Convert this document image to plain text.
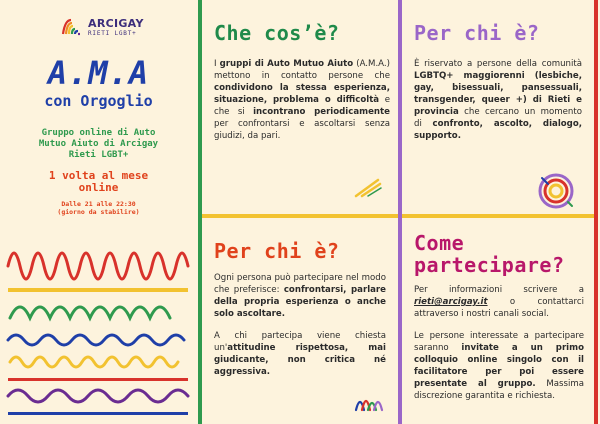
ARCIGAY
RIETI LGBT+
A.M.A
con Orgoglio
Gruppo online di Auto
Mutuo Aiuto di Arcigay
Rieti LGBT+
1 volta al mese
online
Dalle 21 alle 22:30
(giorno da stabilire)
Che cos’è?

I gruppi di Auto Mutuo Aiuto (A.M.A.) mettono in contatto persone che condividono la stessa esperienza, situazione, problema o difficoltà e che si incontrano periodicamente per confrontarsi e ascoltarsi senza giudizi, da pari.

Per chi è?

È riservato a persone della comunità LGBTQ+ maggiorenni (lesbiche, gay, bisessuali, pansessuali, transgender, queer +) di Rieti e provincia che cercano un momento di confronto, ascolto, dialogo, supporto.

Per chi è?

Ogni persona può partecipare nel modo che preferisce: confrontarsi, parlare della propria esperienza o anche solo ascoltare.

A chi partecipa viene chiesta un'attitudine rispettosa, mai giudicante, non critica né aggressiva.

Come partecipare?

Per informazioni scrivere a rieti@arcigay.it o contattarci attraverso i nostri canali social.

Le persone interessate a partecipare saranno invitate a un primo colloquio online singolo con il facilitatore per poi essere presentate al gruppo. Massima discrezione garantita e richiesta.
